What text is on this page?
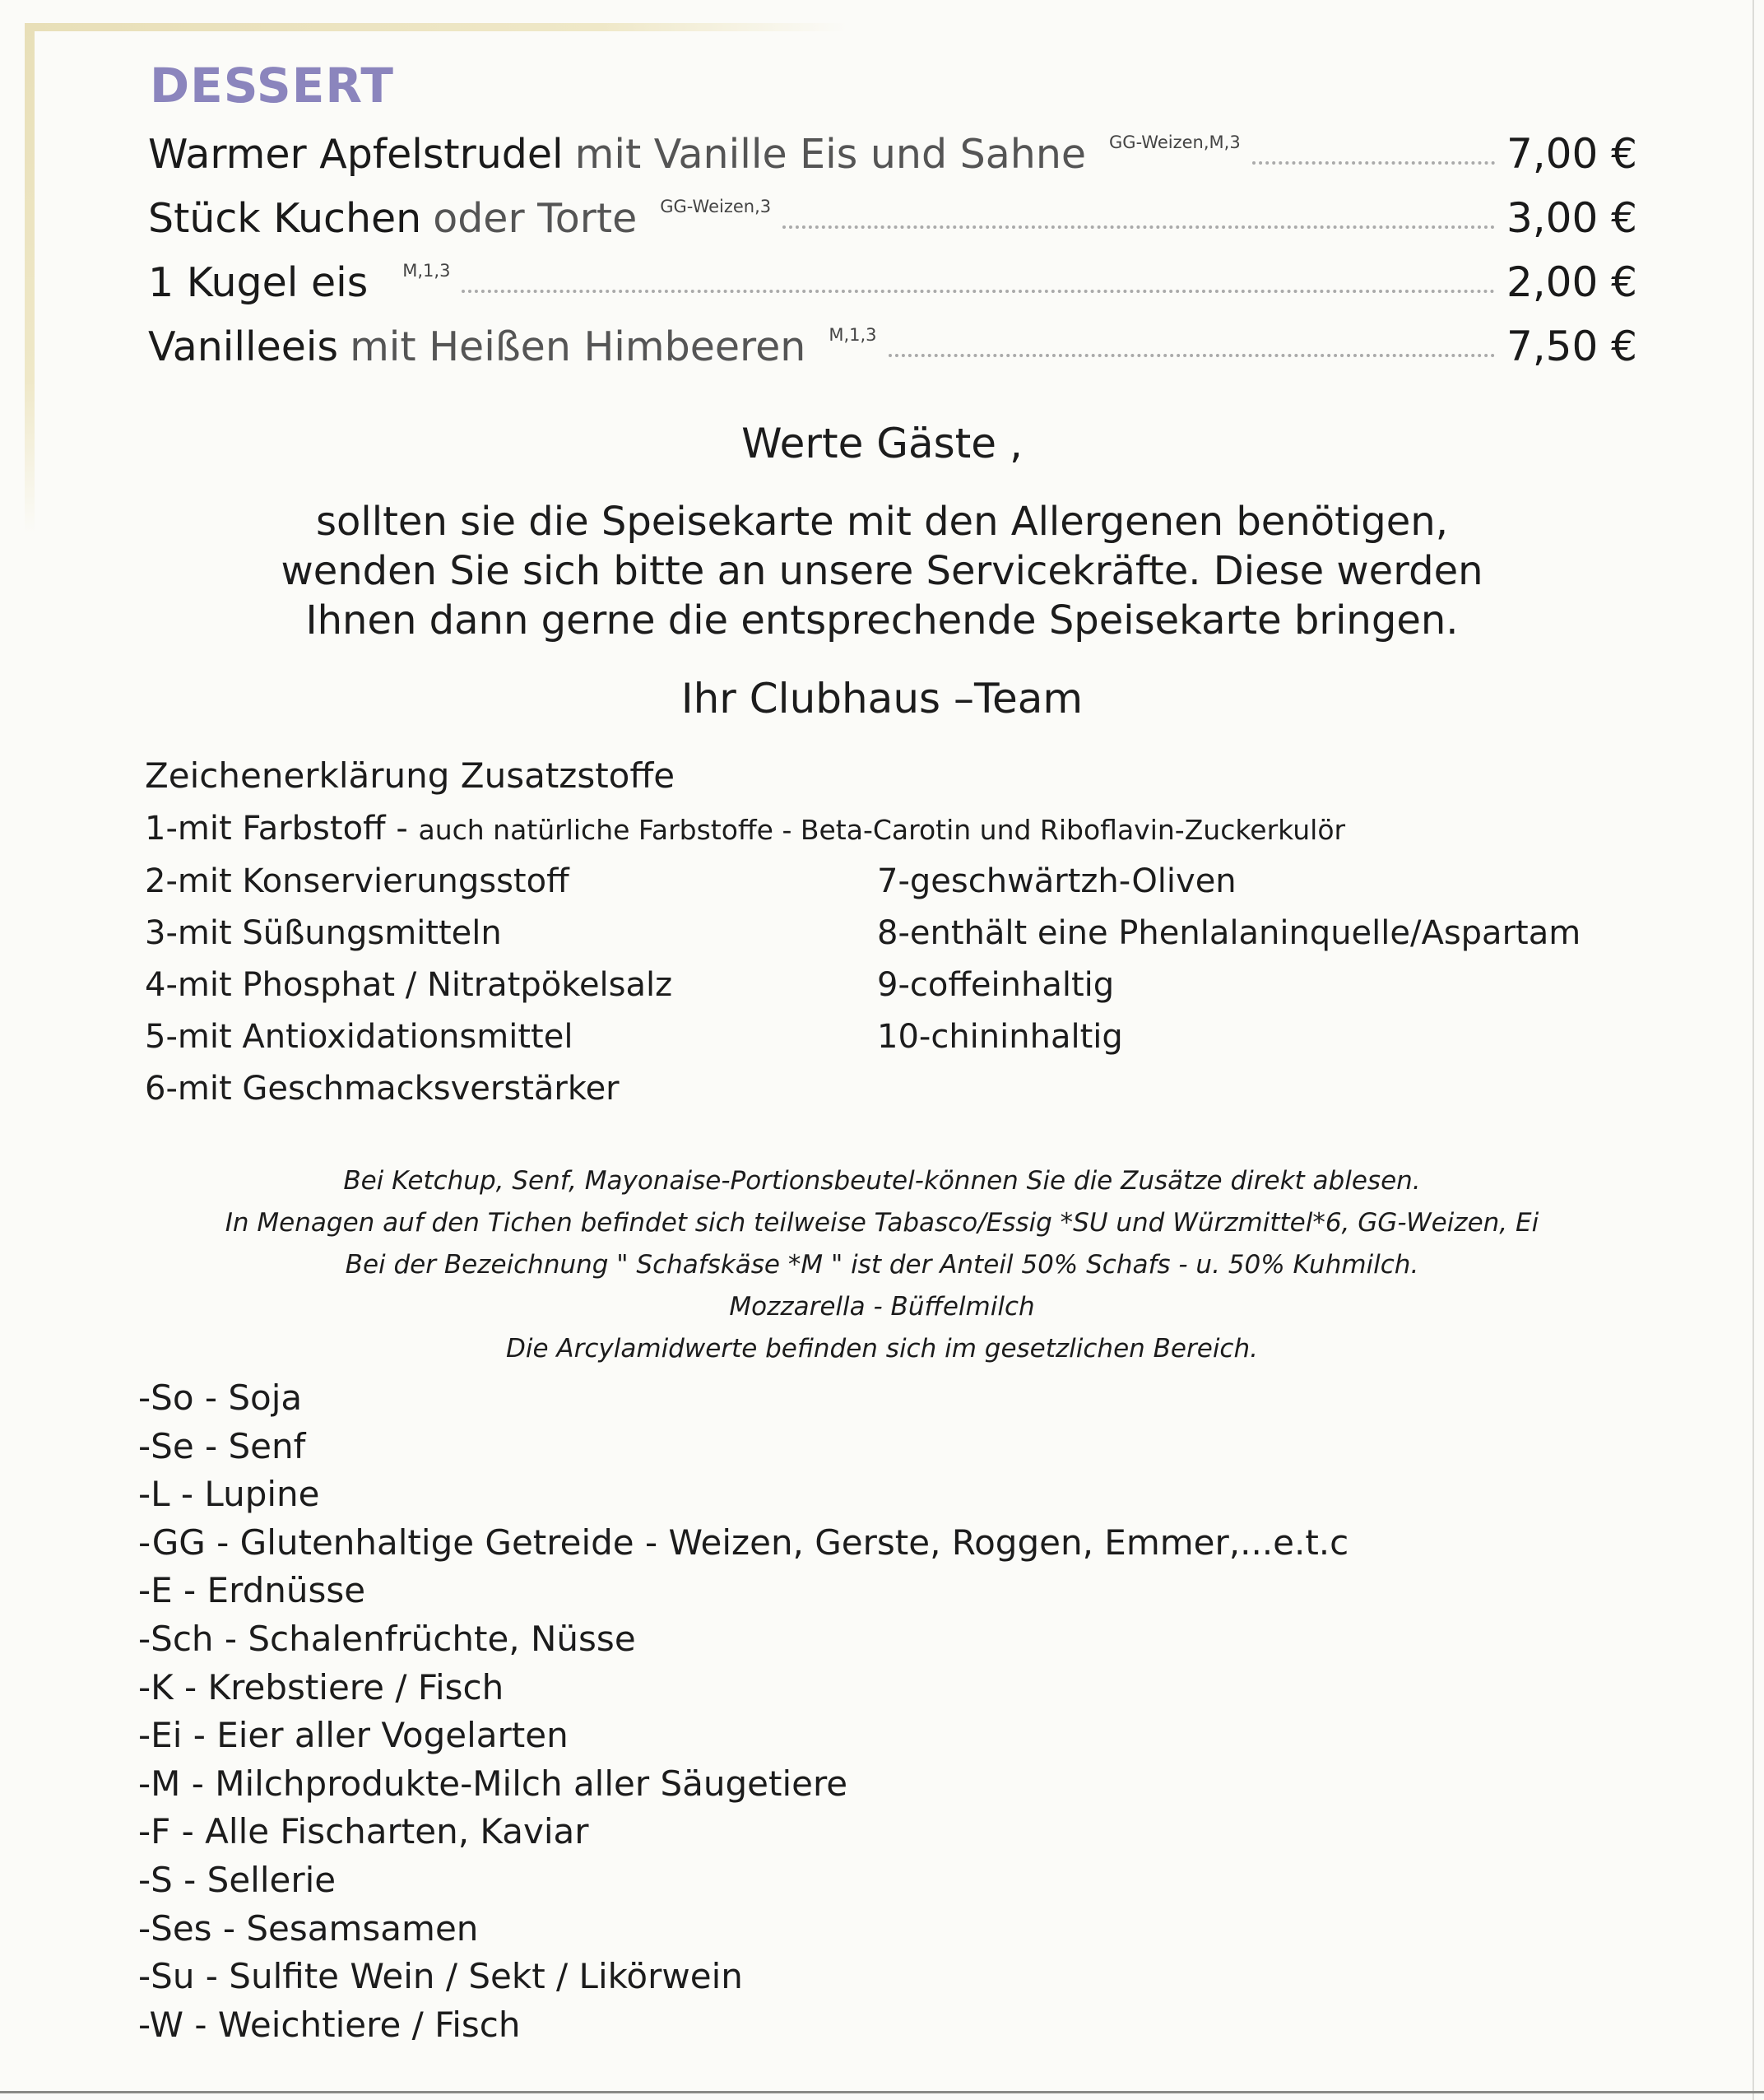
DESSERT
Warmer Apfelstrudel mit Vanille Eis und Sahne GG-Weizen,M,3	7,00 €
Stück Kuchen oder Torte GG-Weizen,3	3,00 €
1 Kugel eis M,1,3	2,00 €
Vanilleeis mit Heißen Himbeeren M,1,3	7,50 €

Werte Gäste ,

sollten sie die Speisekarte mit den Allergenen benötigen,
wenden Sie sich bitte an unsere Servicekräfte. Diese werden
Ihnen dann gerne die entsprechende Speisekarte bringen.

Ihr Clubhaus –Team

Zeichenerklärung Zusatzstoffe

1-mit Farbstoff - auch natürliche Farbstoffe - Beta-Carotin und Riboflavin-Zuckerkulör
2-mit Konservierungsstoff
3-mit Süßungsmitteln
4-mit Phosphat / Nitratpökelsalz
5-mit Antioxidationsmittel
6-mit Geschmacksverstärker
7-geschwärtzh-Oliven
8-enthält eine Phenlalaninquelle/Aspartam
9-coffeinhaltig
10-chininhaltig
Bei Ketchup, Senf, Mayonaise-Portionsbeutel-können Sie die Zusätze direkt ablesen.
In Menagen auf den Tichen befindet sich teilweise Tabasco/Essig *SU und Würzmittel*6, GG-Weizen, Ei
Bei der Bezeichnung " Schafskäse *M " ist der Anteil 50% Schafs - u. 50% Kuhmilch.
Mozzarella - Büffelmilch
Die Arcylamidwerte befinden sich im gesetzlichen Bereich.
-So - Soja
-Se - Senf
-L - Lupine
-GG - Glutenhaltige Getreide - Weizen, Gerste, Roggen, Emmer,...e.t.c
-E - Erdnüsse
-Sch - Schalenfrüchte, Nüsse
-K - Krebstiere / Fisch
-Ei - Eier aller Vogelarten
-M - Milchprodukte-Milch aller Säugetiere
-F - Alle Fischarten, Kaviar
-S - Sellerie
-Ses - Sesamsamen
-Su - Sulfite Wein / Sekt / Likörwein
-W - Weichtiere / Fisch
